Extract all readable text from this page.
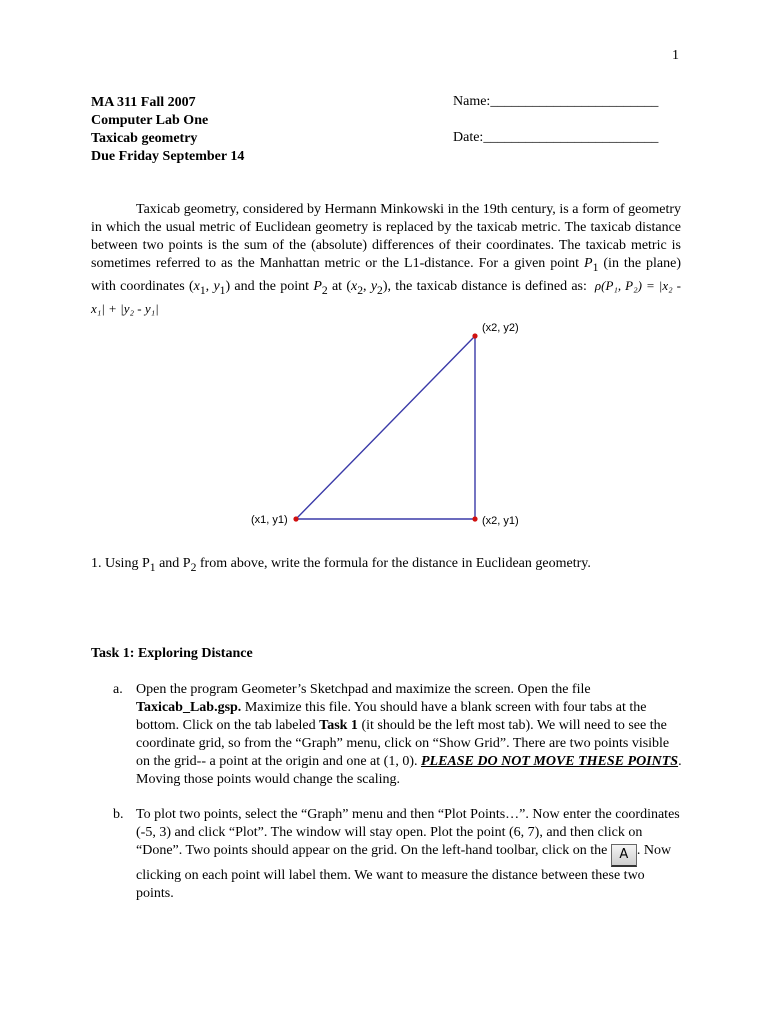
1
MA 311 Fall 2007
Computer Lab One
Taxicab geometry
Due Friday September 14
Name:________________________
Date:_________________________
Taxicab geometry, considered by Hermann Minkowski in the 19th century, is a form of geometry in which the usual metric of Euclidean geometry is replaced by the taxicab metric. The taxicab distance between two points is the sum of the (absolute) differences of their coordinates. The taxicab metric is sometimes referred to as the Manhattan metric or the L1-distance. For a given point $P_1$ (in the plane) with coordinates ($x_1$, $y_1$) and the point $P_2$ at ($x_2$, $y_2$), the taxicab distance is defined as: ρ(P₁, P₂) = |x₂ - x₁| + |y₂ - y₁|
(x2, y2)
(x1, y1)	(x2, y1)
1. Using $P_1$ and $P_2$ from above, write the formula for the distance in Euclidean geometry.
Task 1: Exploring Distance
a. Open the program Geometer’s Sketchpad and maximize the screen. Open the file Taxicab_Lab.gsp. Maximize this file. You should have a blank screen with four tabs at the bottom. Click on the tab labeled Task 1 (it should be the left most tab). We will need to see the coordinate grid, so from the “Graph” menu, click on “Show Grid”. There are two points visible on the grid-- a point at the origin and one at (1, 0). PLEASE DO NOT MOVE THESE POINTS. Moving those points would change the scaling.
b. To plot two points, select the “Graph” menu and then “Plot Points…”. Now enter the coordinates (-5, 3) and click “Plot”. The window will stay open. Plot the point (6, 7), and then click on “Done”. Two points should appear on the grid. On the left-hand toolbar, click on the A . Now clicking on each point will label them. We want to measure the distance between these two points.
